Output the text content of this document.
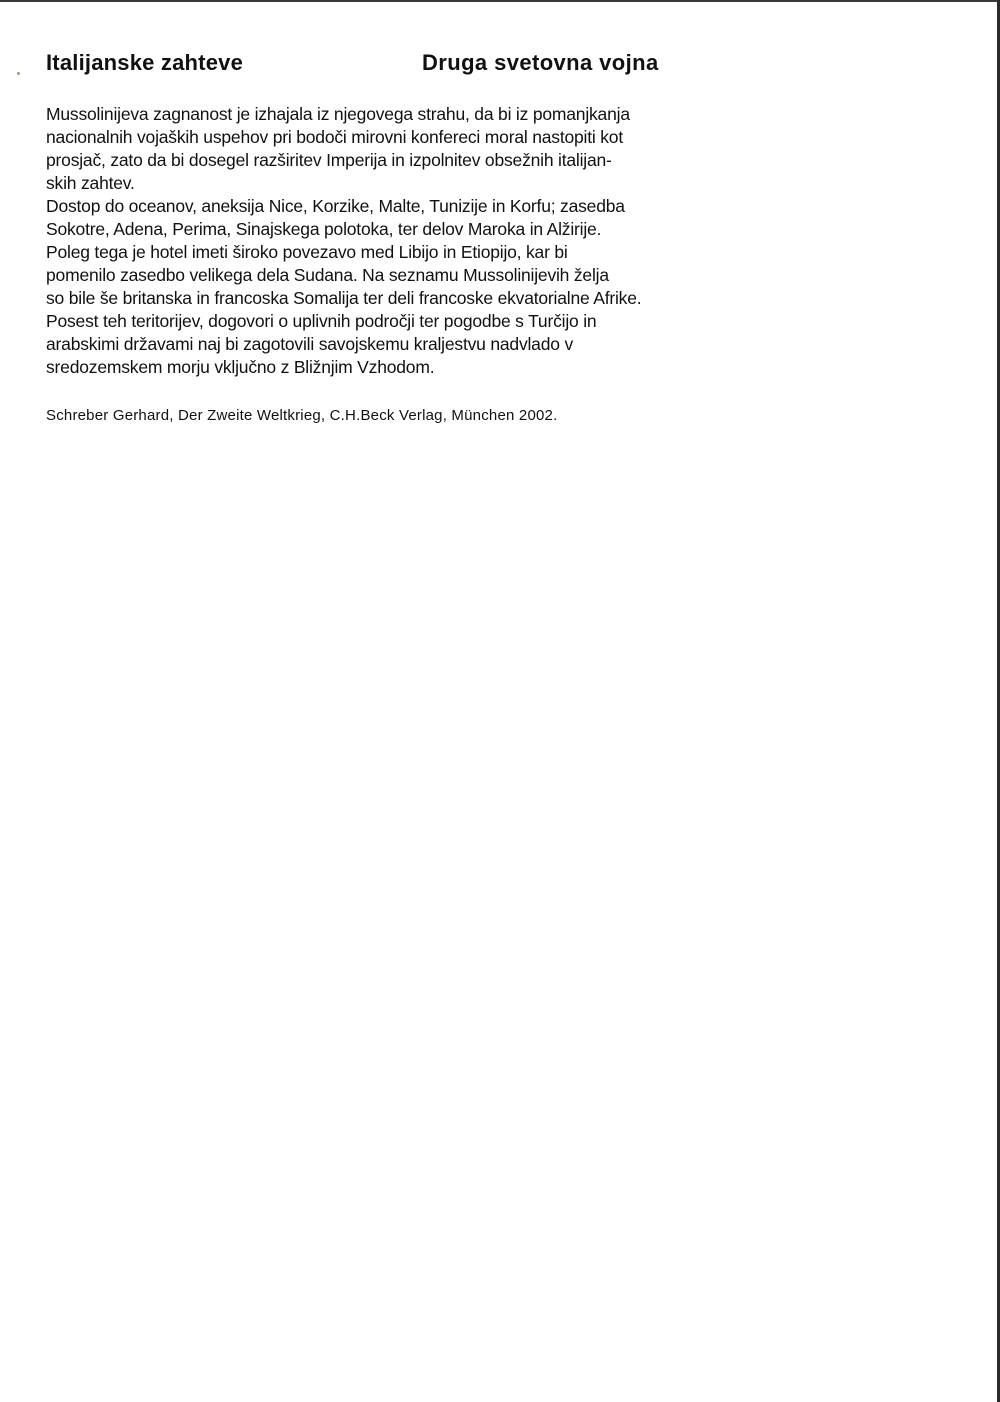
Italijanske zahteve	Druga svetovna vojna

Mussolinijeva zagnanost je izhajala iz njegovega strahu, da bi iz pomanjkanja

nacionalnih vojaških uspehov pri bodoči mirovni konfereci moral nastopiti kot

prosjač, zato da bi dosegel razširitev Imperija in izpolnitev obsežnih italijan-

skih zahtev.

Dostop do oceanov, aneksija Nice, Korzike, Malte, Tunizije in Korfu; zasedba

Sokotre, Adena, Perima, Sinajskega polotoka, ter delov Maroka in Alžirije.

Poleg tega je hotel imeti široko povezavo med Libijo in Etiopijo, kar bi

pomenilo zasedbo velikega dela Sudana. Na seznamu Mussolinijevih želja

so bile še britanska in francoska Somalija ter deli francoske ekvatorialne Afrike.

Posest teh teritorijev, dogovori o uplivnih področji ter pogodbe s Turčijo in

arabskimi državami naj bi zagotovili savojskemu kraljestvu nadvlado v

sredozemskem morju vključno z Bližnjim Vzhodom.

Schreber Gerhard, Der Zweite Weltkrieg, C.H.Beck Verlag, München 2002.
